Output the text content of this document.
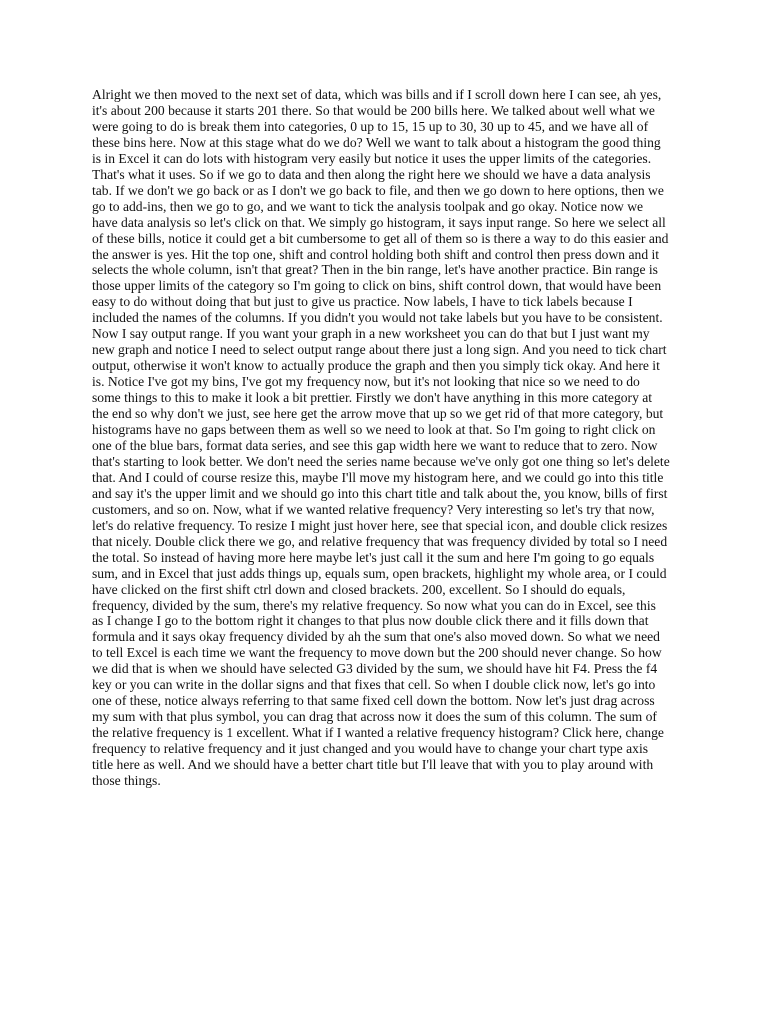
Alright we then moved to the next set of data, which was bills and if I scroll down here I can see, ah yes, it's about 200 because it starts 201 there. So that would be 200 bills here. We talked about well what we were going to do is break them into categories, 0 up to 15, 15 up to 30, 30 up to 45, and we have all of these bins here. Now at this stage what do we do? Well we want to talk about a histogram the good thing is in Excel it can do lots with histogram very easily but notice it uses the upper limits of the categories. That's what it uses. So if we go to data and then along the right here we should we have a data analysis tab. If we don't we go back or as I don't we go back to file, and then we go down to here options, then we go to add-ins, then we go to go, and we want to tick the analysis toolpak and go okay. Notice now we have data analysis so let's click on that. We simply go histogram, it says input range. So here we select all of these bills, notice it could get a bit cumbersome to get all of them so is there a way to do this easier and the answer is yes. Hit the top one, shift and control holding both shift and control then press down and it selects the whole column, isn't that great? Then in the bin range, let's have another practice. Bin range is those upper limits of the category so I'm going to click on bins, shift control down, that would have been easy to do without doing that but just to give us practice. Now labels, I have to tick labels because I included the names of the columns. If you didn't you would not take labels but you have to be consistent. Now I say output range. If you want your graph in a new worksheet you can do that but I just want my new graph and notice I need to select output range about there just a long sign. And you need to tick chart output, otherwise it won't know to actually produce the graph and then you simply tick okay. And here it is. Notice I've got my bins, I've got my frequency now, but it's not looking that nice so we need to do some things to this to make it look a bit prettier. Firstly we don't have anything in this more category at the end so why don't we just, see here get the arrow move that up so we get rid of that more category, but histograms have no gaps between them as well so we need to look at that. So I'm going to right click on one of the blue bars, format data series, and see this gap width here we want to reduce that to zero. Now that's starting to look better. We don't need the series name because we've only got one thing so let's delete that. And I could of course resize this, maybe I'll move my histogram here, and we could go into this title and say it's the upper limit and we should go into this chart title and talk about the, you know, bills of first customers, and so on. Now, what if we wanted relative frequency? Very interesting so let's try that now, let's do relative frequency. To resize I might just hover here, see that special icon, and double click resizes that nicely. Double click there we go, and relative frequency that was frequency divided by total so I need the total. So instead of having more here maybe let's just call it the sum and here I'm going to go equals sum, and in Excel that just adds things up, equals sum, open brackets, highlight my whole area, or I could have clicked on the first shift ctrl down and closed brackets. 200, excellent. So I should do equals, frequency, divided by the sum, there's my relative frequency. So now what you can do in Excel, see this as I change I go to the bottom right it changes to that plus now double click there and it fills down that formula and it says okay frequency divided by ah the sum that one's also moved down. So what we need to tell Excel is each time we want the frequency to move down but the 200 should never change. So how we did that is when we should have selected G3 divided by the sum, we should have hit F4. Press the f4 key or you can write in the dollar signs and that fixes that cell. So when I double click now, let's go into one of these, notice always referring to that same fixed cell down the bottom. Now let's just drag across my sum with that plus symbol, you can drag that across now it does the sum of this column. The sum of the relative frequency is 1 excellent. What if I wanted a relative frequency histogram? Click here, change frequency to relative frequency and it just changed and you would have to change your chart type axis title here as well. And we should have a better chart title but I'll leave that with you to play around with those things.
